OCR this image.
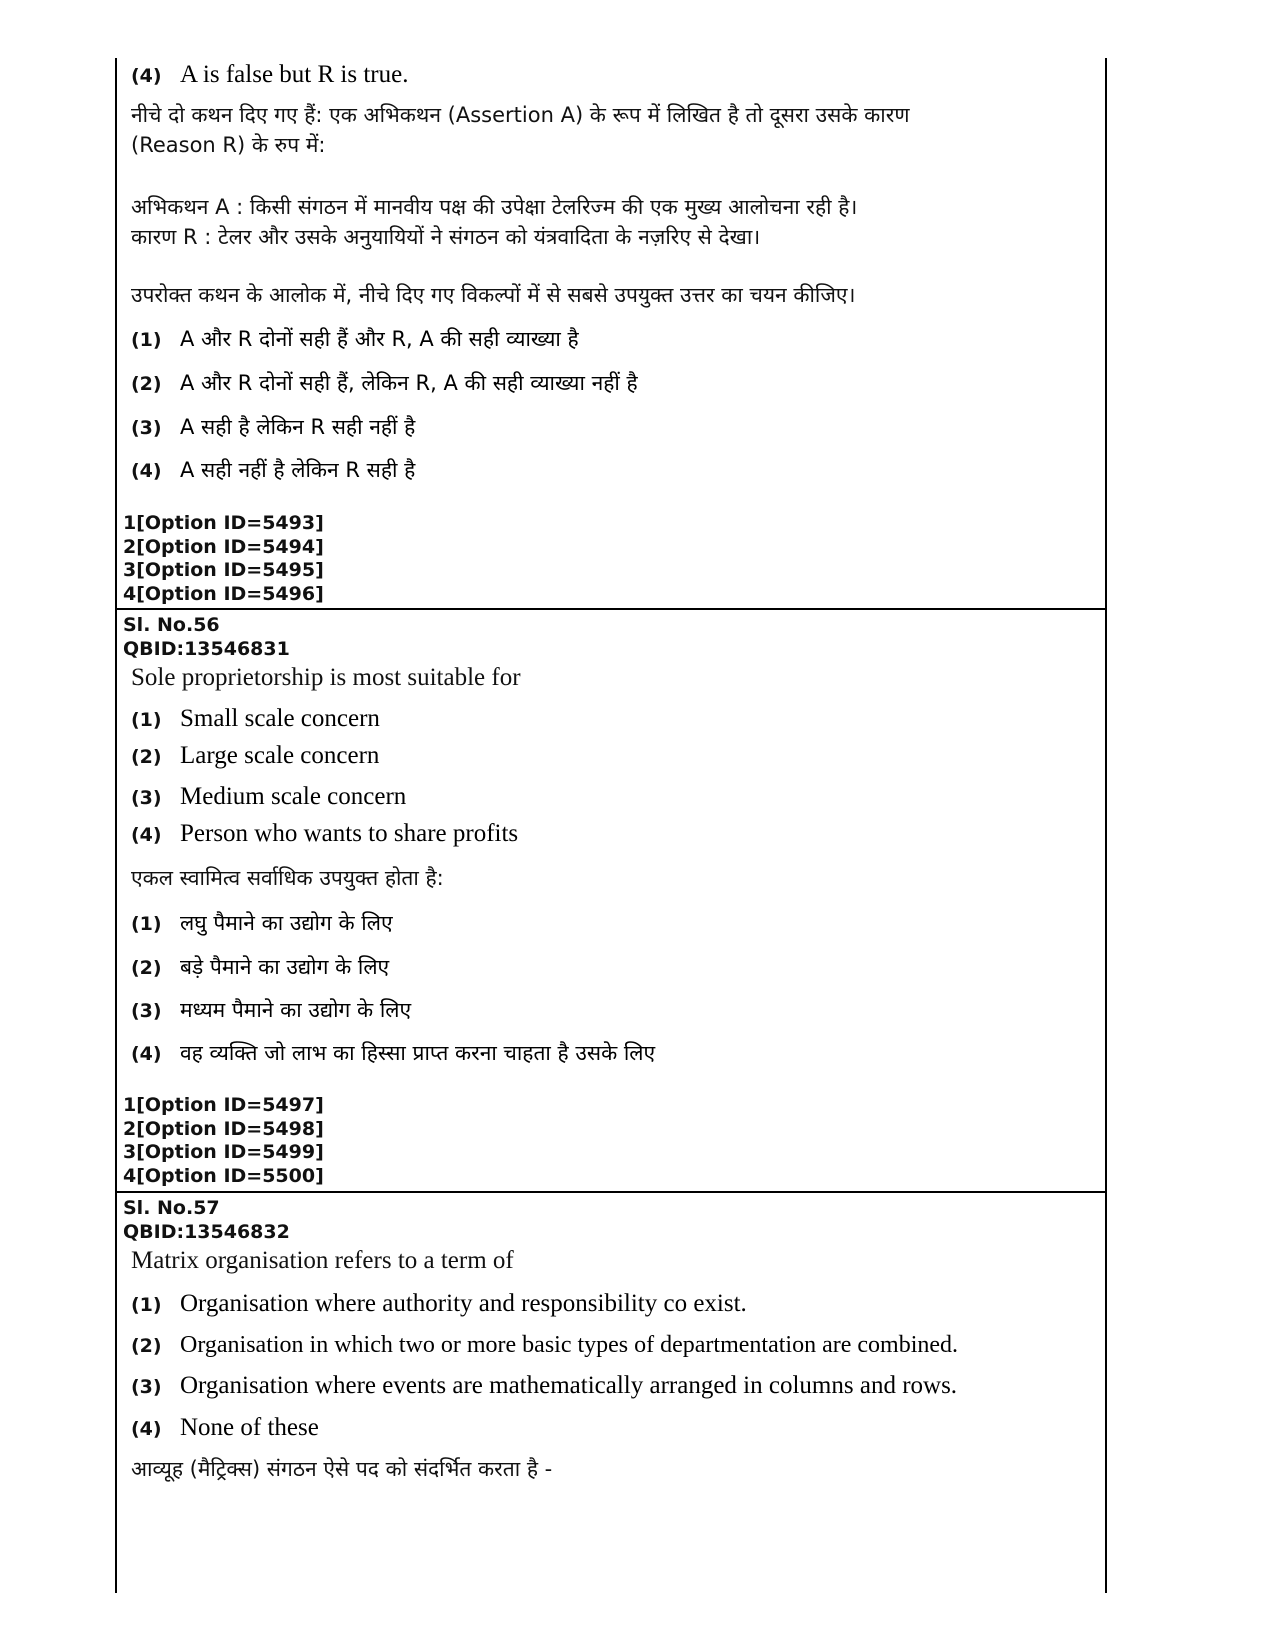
(4) A is false but R is true.
नीचे दो कथन दिए गए हैं: एक अभिकथन (Assertion A) के रूप में लिखित है तो दूसरा उसके कारण
(Reason R) के रुप में:
अभिकथन A : किसी संगठन में मानवीय पक्ष की उपेक्षा टेलरिज्म की एक मुख्य आलोचना रही है।
कारण R : टेलर और उसके अनुयायियों ने संगठन को यंत्रवादिता के नज़रिए से देखा।
उपरोक्त कथन के आलोक में, नीचे दिए गए विकल्पों में से सबसे उपयुक्त उत्तर का चयन कीजिए।
(1) A और R दोनों सही हैं और R, A की सही व्याख्या है
(2) A और R दोनों सही हैं, लेकिन R, A की सही व्याख्या नहीं है
(3) A सही है लेकिन R सही नहीं है
(4) A सही नहीं है लेकिन R सही है
1[Option ID=5493]
2[Option ID=5494]
3[Option ID=5495]
4[Option ID=5496]
Sl. No.56
QBID:13546831
Sole proprietorship is most suitable for
(1) Small scale concern
(2) Large scale concern
(3) Medium scale concern
(4) Person who wants to share profits
एकल स्वामित्व सर्वाधिक उपयुक्त होता है:
(1) लघु पैमाने का उद्योग के लिए
(2) बड़े पैमाने का उद्योग के लिए
(3) मध्यम पैमाने का उद्योग के लिए
(4) वह व्यक्ति जो लाभ का हिस्सा प्राप्त करना चाहता है उसके लिए
1[Option ID=5497]
2[Option ID=5498]
3[Option ID=5499]
4[Option ID=5500]
Sl. No.57
QBID:13546832
Matrix organisation refers to a term of
(1) Organisation where authority and responsibility co exist.
(2) Organisation in which two or more basic types of departmentation are combined.
(3) Organisation where events are mathematically arranged in columns and rows.
(4) None of these
आव्यूह (मैट्रिक्स) संगठन ऐसे पद को संदर्भित करता है -
